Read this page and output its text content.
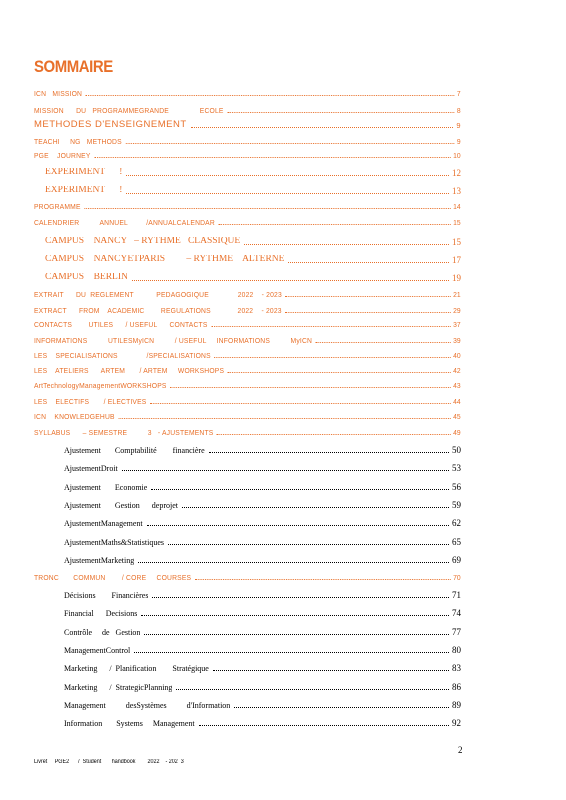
SOMMAIRE
ICN   MISSION	7
MISSION      DU   PROGRAMMEGRANDE               ECOLE	8
METHODES D'ENSEIGNEMENT	9
TEACHI     NG   METHODS	9
PGE    JOURNEY	10
EXPERIMENT      !	12
EXPERIMENT      !	13
PROGRAMME	14
CALENDRIER          ANNUEL         /ANNUALCALENDAR	15
CAMPUS    NANCY   – RYTHME   CLASSIQUE	15
CAMPUS    NANCYETPARIS         – RYTHME    ALTERNE	17
CAMPUS    BERLIN	19
EXTRAIT      DU  REGLEMENT           PEDAGOGIQUE              2022    - 2023	21
EXTRACT      FROM    ACADEMIC        REGULATIONS             2022    - 2023	29
CONTACTS        UTILES      / USEFUL      CONTACTS	37
INFORMATIONS          UTILESMyICN          / USEFUL     INFORMATIONS          MyICN	39
LES    SPECIALISATIONS              /SPECIALISATIONS	40
LES    ATELIERS      ARTEM       / ARTEM     WORKSHOPS	42
ArtTechnologyManagementWORKSHOPS	43
LES    ELECTIFS       / ELECTIVES	44
ICN    KNOWLEDGEHUB	45
SYLLABUS      – SEMESTRE          3   - AJUSTEMENTS	49
Ajustement       Comptabilité        financière	50
AjustementDroit	53
Ajustement       Economie	56
Ajustement       Gestion      deprojet	59
AjustementManagement	62
AjustementMaths&Statistiques	65
AjustementMarketing	69
TRONC       COMMUN        / CORE     COURSES	70
Décisions        Financières	71
Financial      Decisions	74
Contrôle     de   Gestion	77
ManagementControl	80
Marketing      /  Planification        Stratégique	83
Marketing      /  StrategicPlanning	86
Management          desSystèmes          d'Information	89
Information       Systems     Management	92
2
Livret     PGE2      /  Student       handbook        2022    - 202  3
